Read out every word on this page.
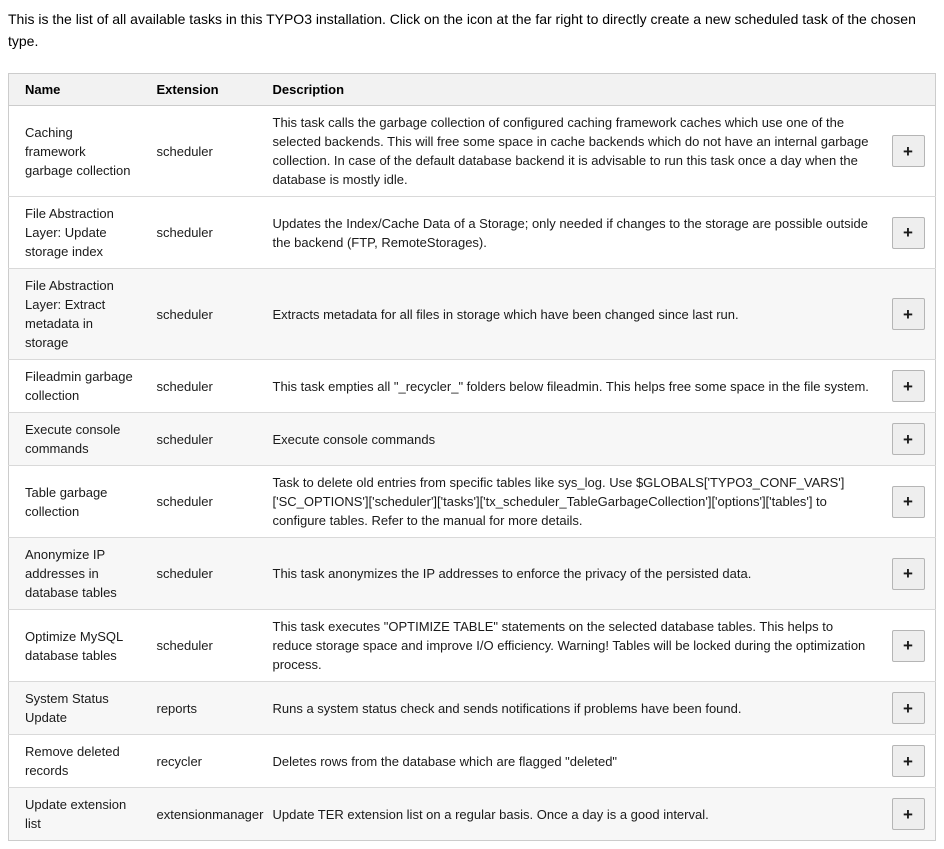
This is the list of all available tasks in this TYPO3 installation. Click on the icon at the far right to directly create a new scheduled task of the chosen type.

Name	Extension	Description	
Caching framework garbage collection	scheduler	This task calls the garbage collection of configured caching framework caches which use one of the selected backends. This will free some space in cache backends which do not have an internal garbage collection. In case of the default database backend it is advisable to run this task once a day when the database is mostly idle.	+

File Abstraction Layer: Update storage index	scheduler	Updates the Index/Cache Data of a Storage; only needed if changes to the storage are possible outside the backend (FTP, RemoteStorages).	+

File Abstraction Layer: Extract metadata in storage	scheduler	Extracts metadata for all files in storage which have been changed since last run.	+

Fileadmin garbage collection	scheduler	This task empties all "_recycler_" folders below fileadmin. This helps free some space in the file system.	+

Execute console commands	scheduler	Execute console commands	+

Table garbage collection	scheduler	Task to delete old entries from specific tables like sys_log. Use $GLOBALS['TYPO3_CONF_VARS']['SC_OPTIONS']['scheduler']['tasks']['tx_scheduler_TableGarbageCollection']['options']['tables'] to configure tables. Refer to the manual for more details.	+

Anonymize IP addresses in database tables	scheduler	This task anonymizes the IP addresses to enforce the privacy of the persisted data.	+

Optimize MySQL database tables	scheduler	This task executes "OPTIMIZE TABLE" statements on the selected database tables. This helps to reduce storage space and improve I/O efficiency. Warning! Tables will be locked during the optimization process.	+

System Status Update	reports	Runs a system status check and sends notifications if problems have been found.	+

Remove deleted records	recycler	Deletes rows from the database which are flagged "deleted"	+

Update extension list	extensionmanager	Update TER extension list on a regular basis. Once a day is a good interval.	+
